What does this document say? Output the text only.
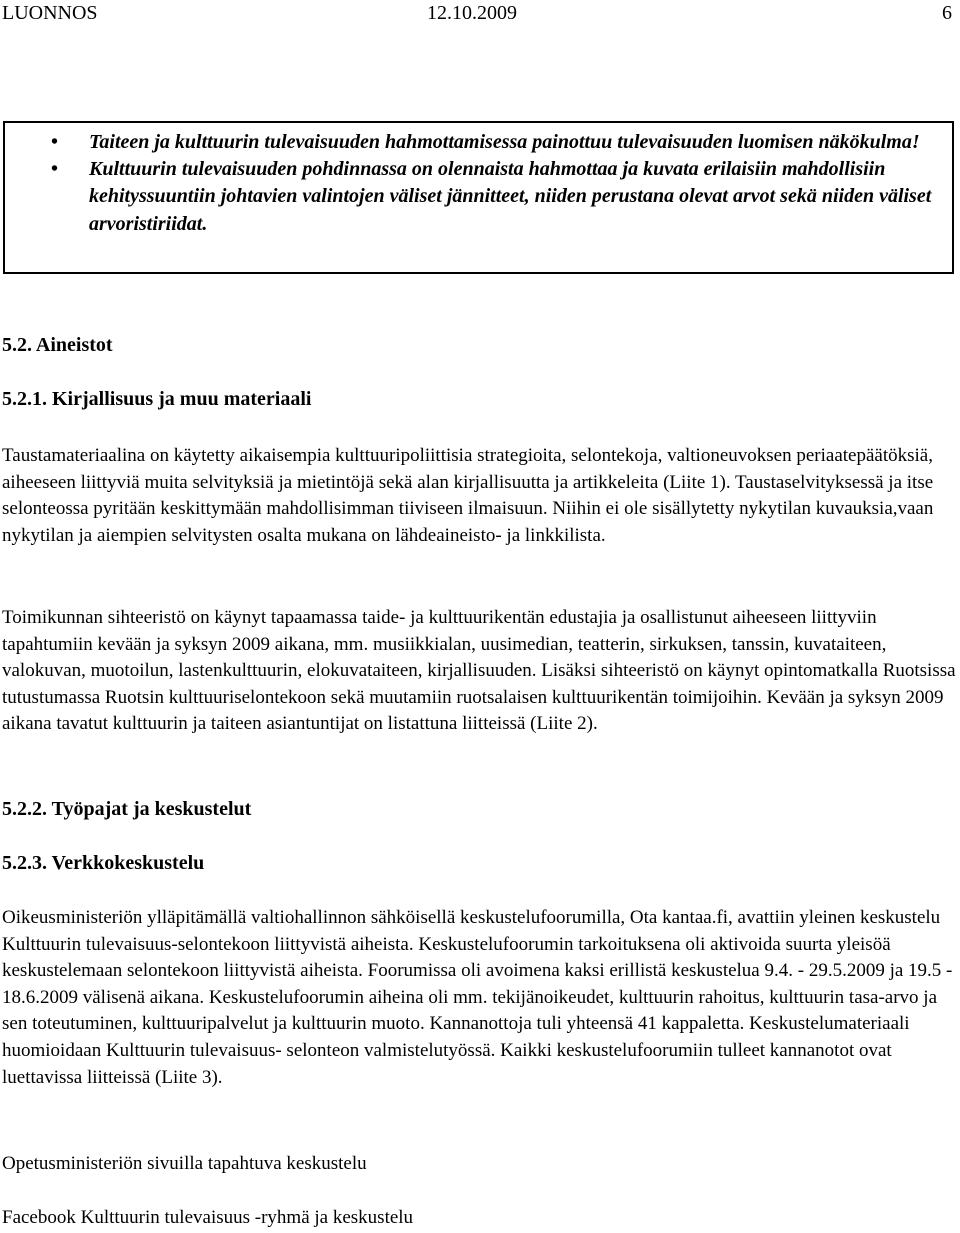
LUONNOS	12.10.2009	6
• Taiteen ja kulttuurin tulevaisuuden hahmottamisessa painottuu tulevaisuuden luomisen näkökulma!
• Kulttuurin tulevaisuuden pohdinnassa on olennaista hahmottaa ja kuvata erilaisiin mahdollisiin kehityssuuntiin johtavien valintojen väliset jännitteet, niiden perustana olevat arvot sekä niiden väliset arvoristiriidat.
5.2. Aineistot
5.2.1. Kirjallisuus ja muu materiaali

Taustamateriaalina on käytetty aikaisempia kulttuuripoliittisia strategioita, selontekoja, valtioneuvoksen periaatepäätöksiä, aiheeseen liittyviä muita selvityksiä ja mietintöjä sekä alan kirjallisuutta ja artikkeleita (Liite 1). Taustaselvityksessä ja itse selonteossa pyritään keskittymään mahdollisimman tiiviseen ilmaisuun. Niihin ei ole sisällytetty nykytilan kuvauksia,vaan nykytilan ja aiempien selvitysten osalta mukana on lähdeaineisto- ja linkkilista.

Toimikunnan sihteeristö on käynyt tapaamassa taide- ja kulttuurikentän edustajia ja osallistunut aiheeseen liittyviin tapahtumiin kevään ja syksyn 2009 aikana, mm. musiikkialan, uusimedian, teatterin, sirkuksen, tanssin, kuvataiteen, valokuvan, muotoilun, lastenkulttuurin, elokuvataiteen, kirjallisuuden. Lisäksi sihteeristö on käynyt opintomatkalla Ruotsissa tutustumassa Ruotsin kulttuuriselontekoon sekä muutamiin ruotsalaisen kulttuurikentän toimijoihin. Kevään ja syksyn 2009 aikana tavatut kulttuurin ja taiteen asiantuntijat on listattuna liitteissä (Liite 2).

5.2.2. Työpajat ja keskustelut
5.2.3. Verkkokeskustelu

Oikeusministeriön ylläpitämällä valtiohallinnon sähköisellä keskustelufoorumilla, Ota kantaa.fi, avattiin yleinen keskustelu Kulttuurin tulevaisuus-selontekoon liittyvistä aiheista. Keskustelufoorumin tarkoituksena oli aktivoida suurta yleisöä keskustelemaan selontekoon liittyvistä aiheista. Foorumissa oli avoimena kaksi erillistä keskustelua 9.4. - 29.5.2009 ja 19.5 - 18.6.2009 välisenä aikana. Keskustelufoorumin aiheina oli mm. tekijänoikeudet, kulttuurin rahoitus, kulttuurin tasa-arvo ja sen toteutuminen, kulttuuripalvelut ja kulttuurin muoto. Kannanottoja tuli yhteensä 41 kappaletta. Keskustelumateriaali huomioidaan Kulttuurin tulevaisuus- selonteon valmistelutyössä. Kaikki keskustelufoorumiin tulleet kannanotot ovat luettavissa liitteissä (Liite 3).

Opetusministeriön sivuilla tapahtuva keskustelu

Facebook Kulttuurin tulevaisuus -ryhmä ja keskustelu
